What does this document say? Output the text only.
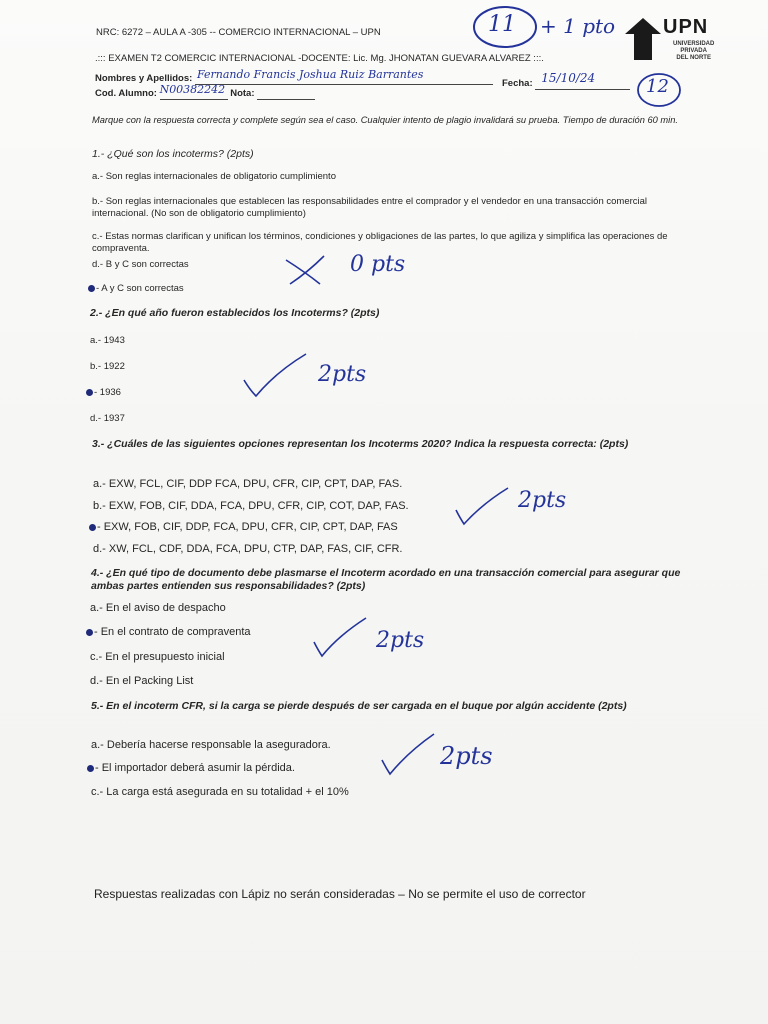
NRC: 6272 – AULA A -305 -- COMERCIO INTERNACIONAL – UPN
.::: EXAMEN T2 COMERCIC INTERNACIONAL -DOCENTE: Lic. Mg. JHONATAN GUEVARA ALVAREZ :::.
Nombres y Apellidos: Fernando Francis Joshua Ruiz Barrantes

Fecha: 15/10/24

Cod. Alumno: N00382242 Nota:
11 + 1 pto
12
UPN
UNIVERSIDAD
PRIVADA
DEL NORTE
Marque con la respuesta correcta y complete según sea el caso. Cualquier intento de plagio invalidará su prueba. Tiempo de duración 60 min.
1.- ¿Qué son los incoterms? (2pts)
a.- Son reglas internacionales de obligatorio cumplimiento
b.- Son reglas internacionales que establecen las responsabilidades entre el comprador y el vendedor en una transacción comercial internacional. (No son de obligatorio cumplimiento)
c.- Estas normas clarifican y unifican los términos, condiciones y obligaciones de las partes, lo que agiliza y simplifica las operaciones de compraventa.
d.- B y C son correctas
- A y C son correctas
0 pts
2.- ¿En qué año fueron establecidos los Incoterms? (2pts)
a.- 1943
b.- 1922
- 1936
d.- 1937
2pts
3.- ¿Cuáles de las siguientes opciones representan los Incoterms 2020? Indica la respuesta correcta: (2pts)
a.- EXW, FCL, CIF, DDP FCA, DPU, CFR, CIP, CPT, DAP, FAS.
b.- EXW, FOB, CIF, DDA, FCA, DPU, CFR, CIP, COT, DAP, FAS.
- EXW, FOB, CIF, DDP, FCA, DPU, CFR, CIP, CPT, DAP, FAS
d.- XW, FCL, CDF, DDA, FCA, DPU, CTP, DAP, FAS, CIF, CFR.
2pts
4.- ¿En qué tipo de documento debe plasmarse el Incoterm acordado en una transacción comercial para asegurar que ambas partes entienden sus responsabilidades? (2pts)
a.- En el aviso de despacho
- En el contrato de compraventa
c.- En el presupuesto inicial
d.- En el Packing List
2pts
5.- En el incoterm CFR, si la carga se pierde después de ser cargada en el buque por algún accidente (2pts)
a.- Debería hacerse responsable la aseguradora.
- El importador deberá asumir la pérdida.
c.- La carga está asegurada en su totalidad + el 10%
2pts
Respuestas realizadas con Lápiz no serán consideradas – No se permite el uso de corrector
